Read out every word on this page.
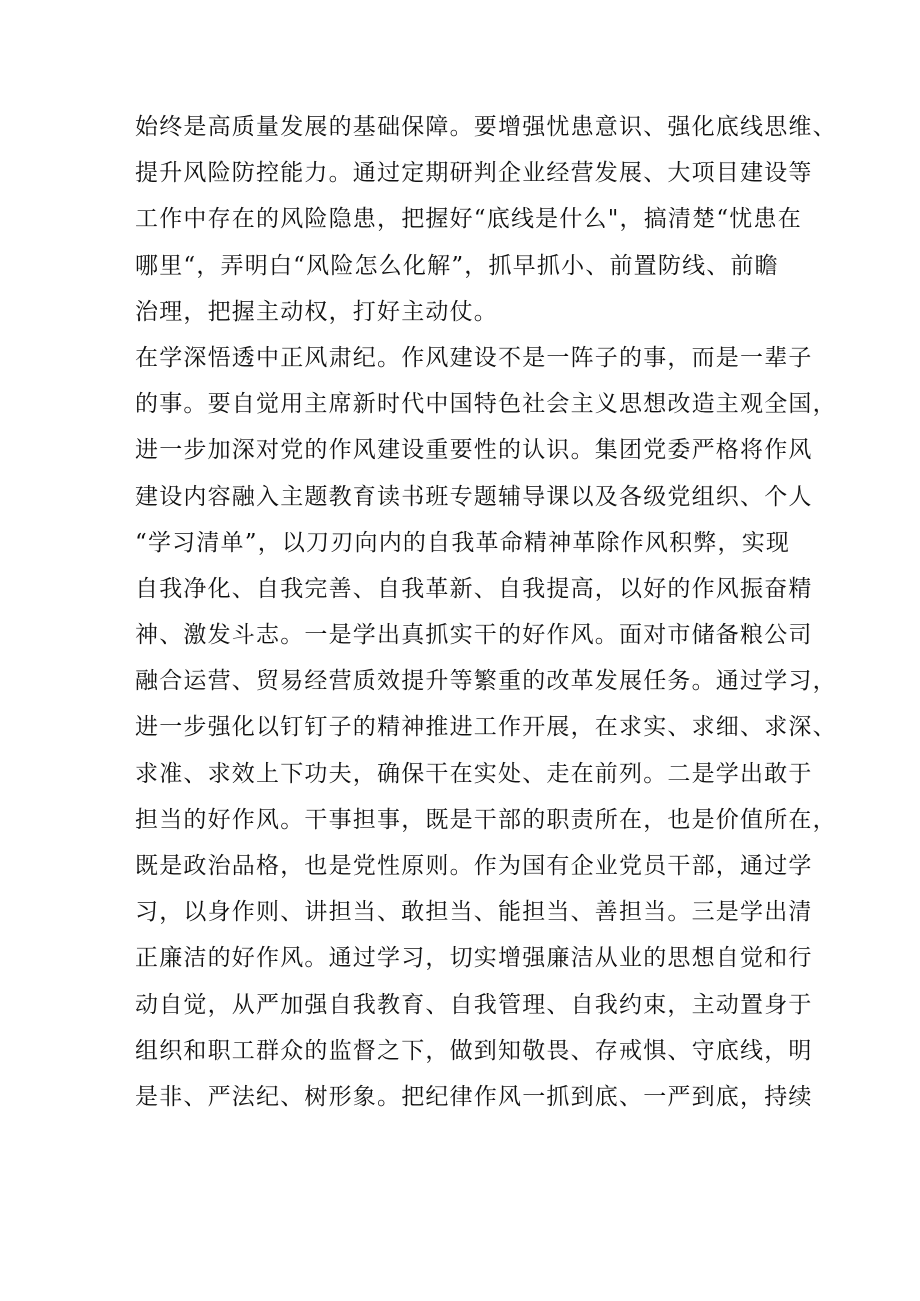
始终是高质量发展的基础保障。要增强忧患意识、强化底线思维、
提升风险防控能力。通过定期研判企业经营发展、大项目建设等
工作中存在的风险隐患，把握好“底线是什么"，搞清楚“忧患在
哪里“，弄明白“风险怎么化解”，抓早抓小、前置防线、前瞻
治理，把握主动权，打好主动仗。
在学深悟透中正风肃纪。作风建设不是一阵子的事，而是一辈子
的事。要自觉用主席新时代中国特色社会主义思想改造主观全国，
进一步加深对党的作风建设重要性的认识。集团党委严格将作风
建设内容融入主题教育读书班专题辅导课以及各级党组织、个人
“学习清单”，以刀刃向内的自我革命精神革除作风积弊，实现
自我净化、自我完善、自我革新、自我提高，以好的作风振奋精
神、激发斗志。一是学出真抓实干的好作风。面对市储备粮公司
融合运营、贸易经营质效提升等繁重的改革发展任务。通过学习，
进一步强化以钉钉子的精神推进工作开展，在求实、求细、求深、
求准、求效上下功夫，确保干在实处、走在前列。二是学出敢于
担当的好作风。干事担事，既是干部的职责所在，也是价值所在，
既是政治品格，也是党性原则。作为国有企业党员干部，通过学
习，以身作则、讲担当、敢担当、能担当、善担当。三是学出清
正廉洁的好作风。通过学习，切实增强廉洁从业的思想自觉和行
动自觉，从严加强自我教育、自我管理、自我约束，主动置身于
组织和职工群众的监督之下，做到知敬畏、存戒惧、守底线，明
是非、严法纪、树形象。把纪律作风一抓到底、一严到底，持续
